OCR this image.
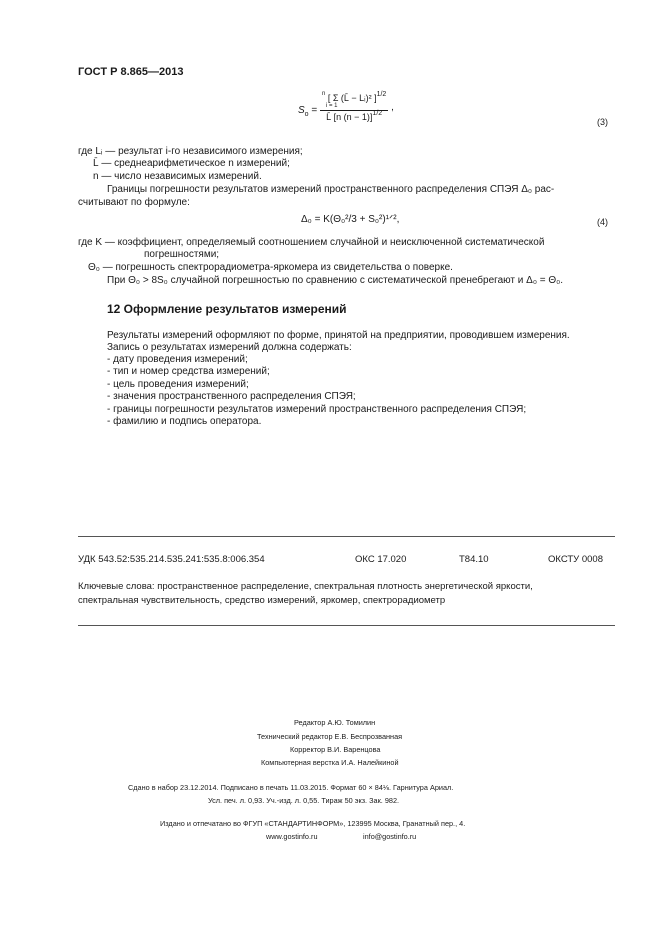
ГОСТ Р 8.865—2013
$S_o = ^n$ [ Σ (L̄ − Lᵢ)² ]$^{1/2}$
i = 1
L̄ [n (n − 1)]$^{1/2}$ ,
(3)
где Lᵢ — результат i-го независимого измерения;
L̄ — среднеарифметическое n измерений;
n — число независимых измерений.
Границы погрешности результатов измерений пространственного распределения СПЭЯ Δ₀ рас-
считывают по формуле:
Δ₀ = K(Θ₀²/3 + S₀²)¹ᐟ²,	(4)
где K — коэффициент, определяемый соотношением случайной и неисключенной систематической
погрешностями;
Θ₀ — погрешность спектрорадиометра-яркомера из свидетельства о поверке.
При Θ₀ > 8S₀ случайной погрешностью по сравнению с систематической пренебрегают и Δ₀ = Θ₀.
12 Оформление результатов измерений
Результаты измерений оформляют по форме, принятой на предприятии, проводившем измерения.
Запись о результатах измерений должна содержать:
- дату проведения измерений;
- тип и номер средства измерений;
- цель проведения измерений;
- значения пространственного распределения СПЭЯ;
- границы погрешности результатов измерений пространственного распределения СПЭЯ;
- фамилию и подпись оператора.
УДК 543.52:535.214.535.241:535.8:006.354	ОКС 17.020	Т84.10	ОКСТУ 0008
Ключевые слова: пространственное распределение, спектральная плотность энергетической яркости,
спектральная чувствительность, средство измерений, яркомер, спектрорадиометр
Редактор А.Ю. Томилин
Технический редактор Е.В. Беспрозванная
Корректор В.И. Варенцова
Компьютерная верстка И.А. Налейкиной
Сдано в набор 23.12.2014. Подписано в печать 11.03.2015. Формат 60 × 84⅛. Гарнитура Ариал.
Усл. печ. л. 0,93. Уч.-изд. л. 0,55. Тираж 50 экз. Зак. 982.
Издано и отпечатано во ФГУП «СТАНДАРТИНФОРМ», 123995 Москва, Гранатный пер., 4.
www.gostinfo.ru	info@gostinfo.ru
